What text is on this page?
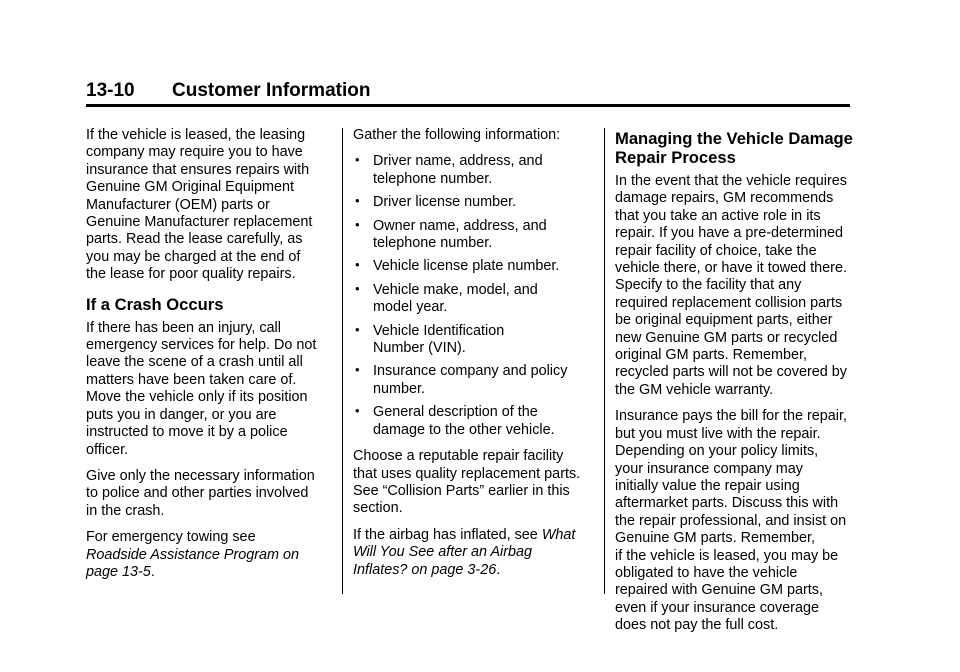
13-10 Customer Information

If the vehicle is leased, the leasing
company may require you to have
insurance that ensures repairs with
Genuine GM Original Equipment
Manufacturer (OEM) parts or
Genuine Manufacturer replacement
parts. Read the lease carefully, as
you may be charged at the end of
the lease for poor quality repairs.

If a Crash Occurs

If there has been an injury, call
emergency services for help. Do not
leave the scene of a crash until all
matters have been taken care of.
Move the vehicle only if its position
puts you in danger, or you are
instructed to move it by a police
officer.

Give only the necessary information
to police and other parties involved
in the crash.

For emergency towing see
Roadside Assistance Program on
page 13-5.

Gather the following information:

• Driver name, address, and
telephone number.
• Driver license number.
• Owner name, address, and
telephone number.
• Vehicle license plate number.
• Vehicle make, model, and
model year.
• Vehicle Identification
Number (VIN).
• Insurance company and policy
number.
• General description of the
damage to the other vehicle.

Choose a reputable repair facility
that uses quality replacement parts.
See “Collision Parts” earlier in this
section.

If the airbag has inflated, see What
Will You See after an Airbag
Inflates? on page 3-26.

Managing the Vehicle Damage
Repair Process

In the event that the vehicle requires
damage repairs, GM recommends
that you take an active role in its
repair. If you have a pre-determined
repair facility of choice, take the
vehicle there, or have it towed there.
Specify to the facility that any
required replacement collision parts
be original equipment parts, either
new Genuine GM parts or recycled
original GM parts. Remember,
recycled parts will not be covered by
the GM vehicle warranty.

Insurance pays the bill for the repair,
but you must live with the repair.
Depending on your policy limits,
your insurance company may
initially value the repair using
aftermarket parts. Discuss this with
the repair professional, and insist on
Genuine GM parts. Remember,
if the vehicle is leased, you may be
obligated to have the vehicle
repaired with Genuine GM parts,
even if your insurance coverage
does not pay the full cost.
